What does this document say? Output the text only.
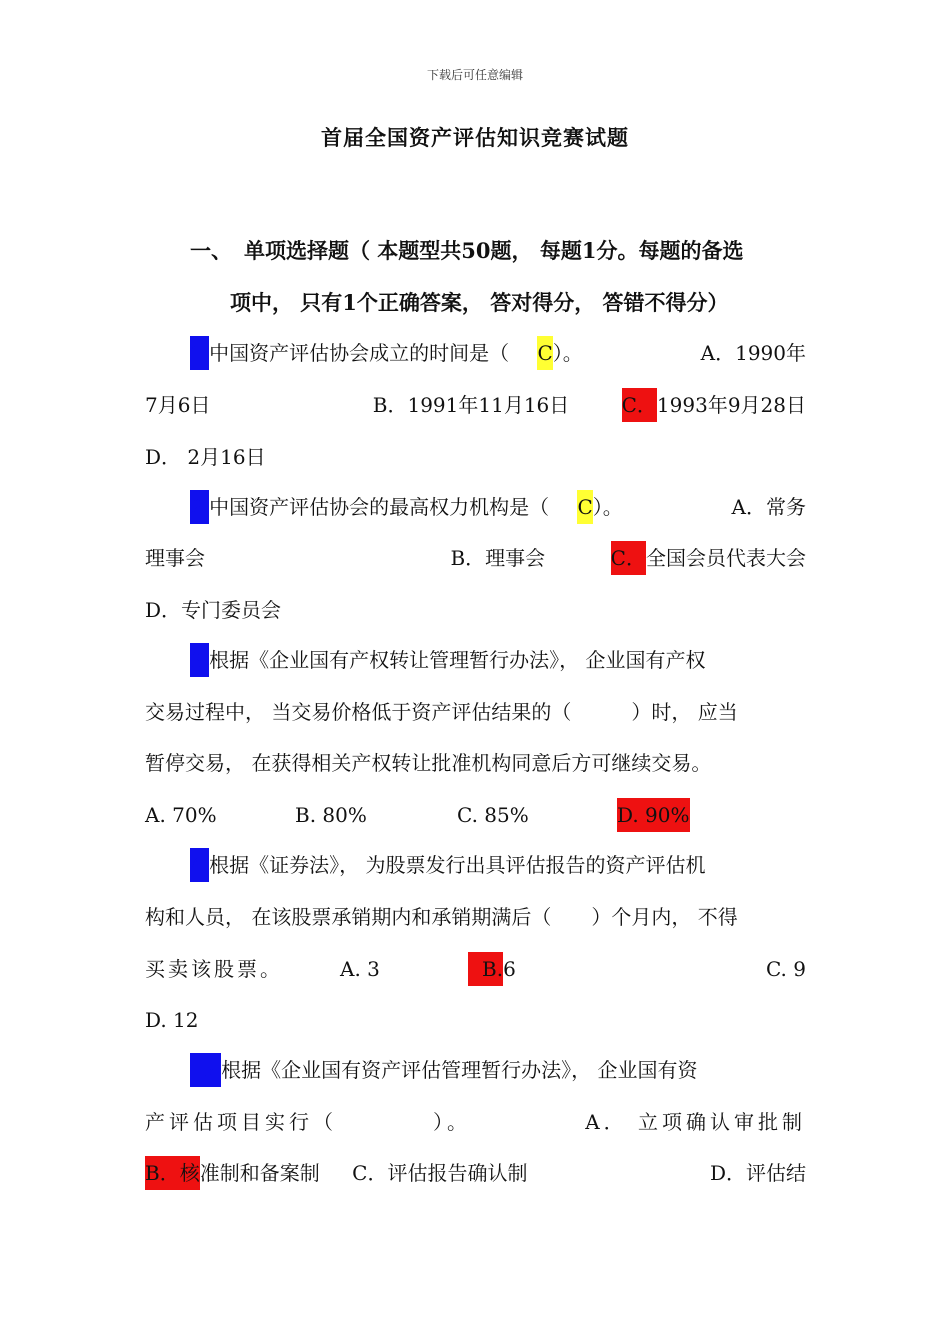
下载后可任意编辑
首届全国资产评估知识竞赛试题
一、 单项选择题（ 本题型共50题， 每题1分。每题的备选
项中， 只有1个正确答案， 答对得分， 答错不得分）
1.中国资产评估协会成立的时间是（ C）。	A．1990年
7月6日	B．1991年11月16日	C．1993年9月28日
D． 2月16日
2.中国资产评估协会的最高权力机构是（ C）。	A．常务
理事会	B．理事会	C．全国会员代表大会
D．专门委员会
3.根据《企业国有产权转让管理暂行办法》， 企业国有产权
交易过程中， 当交易价格低于资产评估结果的（　　　）时， 应当
暂停交易， 在获得相关产权转让批准机构同意后方可继续交易。
A. 70%	B. 80%	C. 85%	D. 90%
4.根据《证券法》， 为股票发行出具评估报告的资产评估机
构和人员， 在该股票承销期内和承销期满后（　　）个月内， 不得
买卖该股票。	A. 3	B.6	C. 9
D. 12
5.根据《企业国有资产评估管理暂行办法》， 企业国有资
产评估项目实行（　　　　）。	A． 立项确认审批制
B．核准制和备案制 C．评估报告确认制	D．评估结
